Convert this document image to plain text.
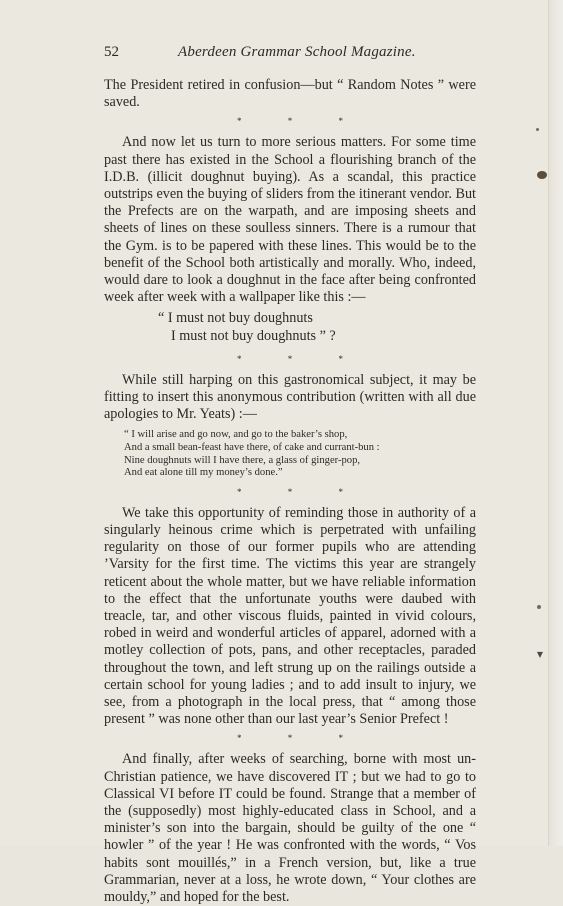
52	Aberdeen Grammar School Magazine.

The President retired in confusion—but “ Random Notes ” were saved.

* * *

And now let us turn to more serious matters. For some time past there has existed in the School a flourishing branch of the I.D.B. (illicit doughnut buying). As a scandal, this practice outstrips even the buying of sliders from the itinerant vendor. But the Prefects are on the warpath, and are imposing sheets and sheets of lines on these soulless sinners. There is a rumour that the Gym. is to be papered with these lines. This would be to the benefit of the School both artistically and morally. Who, indeed, would dare to look a doughnut in the face after being confronted week after week with a wallpaper like this :—

“ I must not buy doughnuts
I must not buy doughnuts ” ?
* * *

While still harping on this gastronomical subject, it may be fitting to insert this anonymous contribution (written with all due apologies to Mr. Yeats) :—

“ I will arise and go now, and go to the baker’s shop,
And a small bean-feast have there, of cake and currant-bun :
Nine doughnuts will I have there, a glass of ginger-pop,
And eat alone till my money’s done.”
* * *

We take this opportunity of reminding those in authority of a singularly heinous crime which is perpetrated with unfailing regularity on those of our former pupils who are attending ’Varsity for the first time. The victims this year are strangely reticent about the whole matter, but we have reliable information to the effect that the unfortunate youths were daubed with treacle, tar, and other viscous fluids, painted in vivid colours, robed in weird and wonderful articles of apparel, adorned with a motley collection of pots, pans, and other receptacles, paraded throughout the town, and left strung up on the railings outside a certain school for young ladies ; and to add insult to injury, we see, from a photograph in the local press, that “ among those present ” was none other than our last year’s Senior Prefect !

* * *

And finally, after weeks of searching, borne with most un-Christian patience, we have discovered IT ; but we had to go to Classical VI before IT could be found. Strange that a member of the (supposedly) most highly-educated class in School, and a minister’s son into the bargain, should be guilty of the one “ howler ” of the year ! He was confronted with the words, “ Vos habits sont mouillés,” in a French version, but, like a true Grammarian, never at a loss, he wrote down, “ Your clothes are mouldy,” and hoped for the best.

▼
